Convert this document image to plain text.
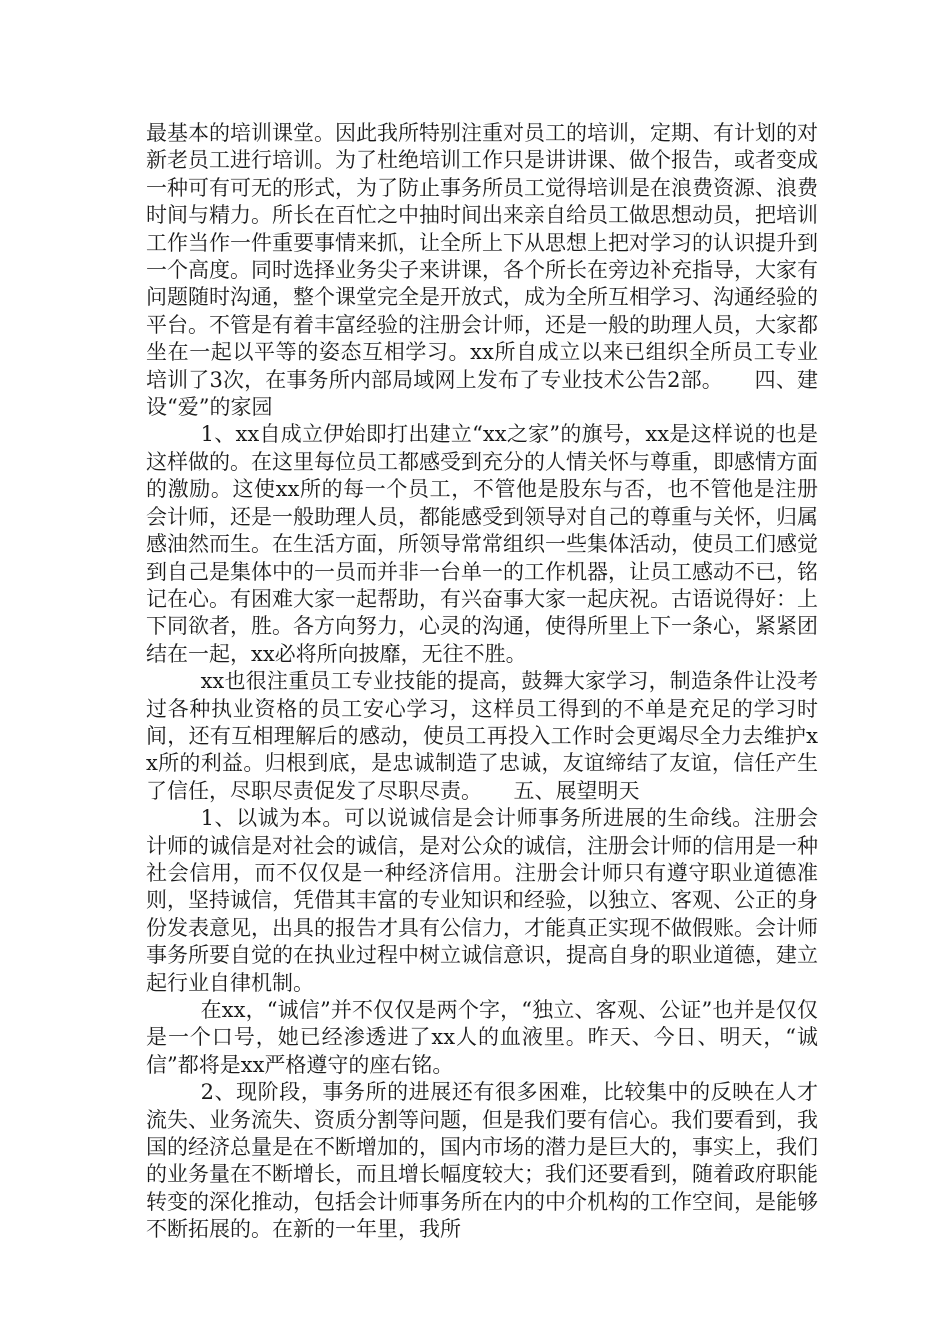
最基本的培训课堂。因此我所特别注重对员工的培训，定期、有计划的对新老员工进行培训。为了杜绝培训工作只是讲讲课、做个报告，或者变成一种可有可无的形式，为了防止事务所员工觉得培训是在浪费资源、浪费时间与精力。所长在百忙之中抽时间出来亲自给员工做思想动员，把培训工作当作一件重要事情来抓，让全所上下从思想上把对学习的认识提升到一个高度。同时选择业务尖子来讲课，各个所长在旁边补充指导，大家有问题随时沟通，整个课堂完全是开放式，成为全所互相学习、沟通经验的平台。不管是有着丰富经验的注册会计师，还是一般的助理人员，大家都坐在一起以平等的姿态互相学习。xx所自成立以来已组织全所员工专业培训了3次，在事务所内部局域网上发布了专业技术公告2部。　　四、建设“爱”的家园

1、xx自成立伊始即打出建立“xx之家”的旗号，xx是这样说的也是这样做的。在这里每位员工都感受到充分的人情关怀与尊重，即感情方面的激励。这使xx所的每一个员工，不管他是股东与否，也不管他是注册会计师，还是一般助理人员，都能感受到领导对自己的尊重与关怀，归属感油然而生。在生活方面，所领导常常组织一些集体活动，使员工们感觉到自己是集体中的一员而并非一台单一的工作机器，让员工感动不已，铭记在心。有困难大家一起帮助，有兴奋事大家一起庆祝。古语说得好：上下同欲者，胜。各方向努力，心灵的沟通，使得所里上下一条心，紧紧团结在一起，xx必将所向披靡，无往不胜。

xx也很注重员工专业技能的提高，鼓舞大家学习，制造条件让没考过各种执业资格的员工安心学习，这样员工得到的不单是充足的学习时间，还有互相理解后的感动，使员工再投入工作时会更竭尽全力去维护xx所的利益。归根到底，是忠诚制造了忠诚，友谊缔结了友谊，信任产生了信任，尽职尽责促发了尽职尽责。　　五、展望明天

1、以诚为本。可以说诚信是会计师事务所进展的生命线。注册会计师的诚信是对社会的诚信，是对公众的诚信，注册会计师的信用是一种社会信用，而不仅仅是一种经济信用。注册会计师只有遵守职业道德准则，坚持诚信，凭借其丰富的专业知识和经验，以独立、客观、公正的身份发表意见，出具的报告才具有公信力，才能真正实现不做假账。会计师事务所要自觉的在执业过程中树立诚信意识，提高自身的职业道德，建立起行业自律机制。

在xx，“诚信”并不仅仅是两个字，“独立、客观、公证”也并是仅仅是一个口号，她已经渗透进了xx人的血液里。昨天、今日、明天，“诚信”都将是xx严格遵守的座右铭。

2、现阶段，事务所的进展还有很多困难，比较集中的反映在人才流失、业务流失、资质分割等问题，但是我们要有信心。我们要看到，我国的经济总量是在不断增加的，国内市场的潜力是巨大的，事实上，我们的业务量在不断增长，而且增长幅度较大；我们还要看到，随着政府职能转变的深化推动，包括会计师事务所在内的中介机构的工作空间，是能够不断拓展的。在新的一年里，我所
